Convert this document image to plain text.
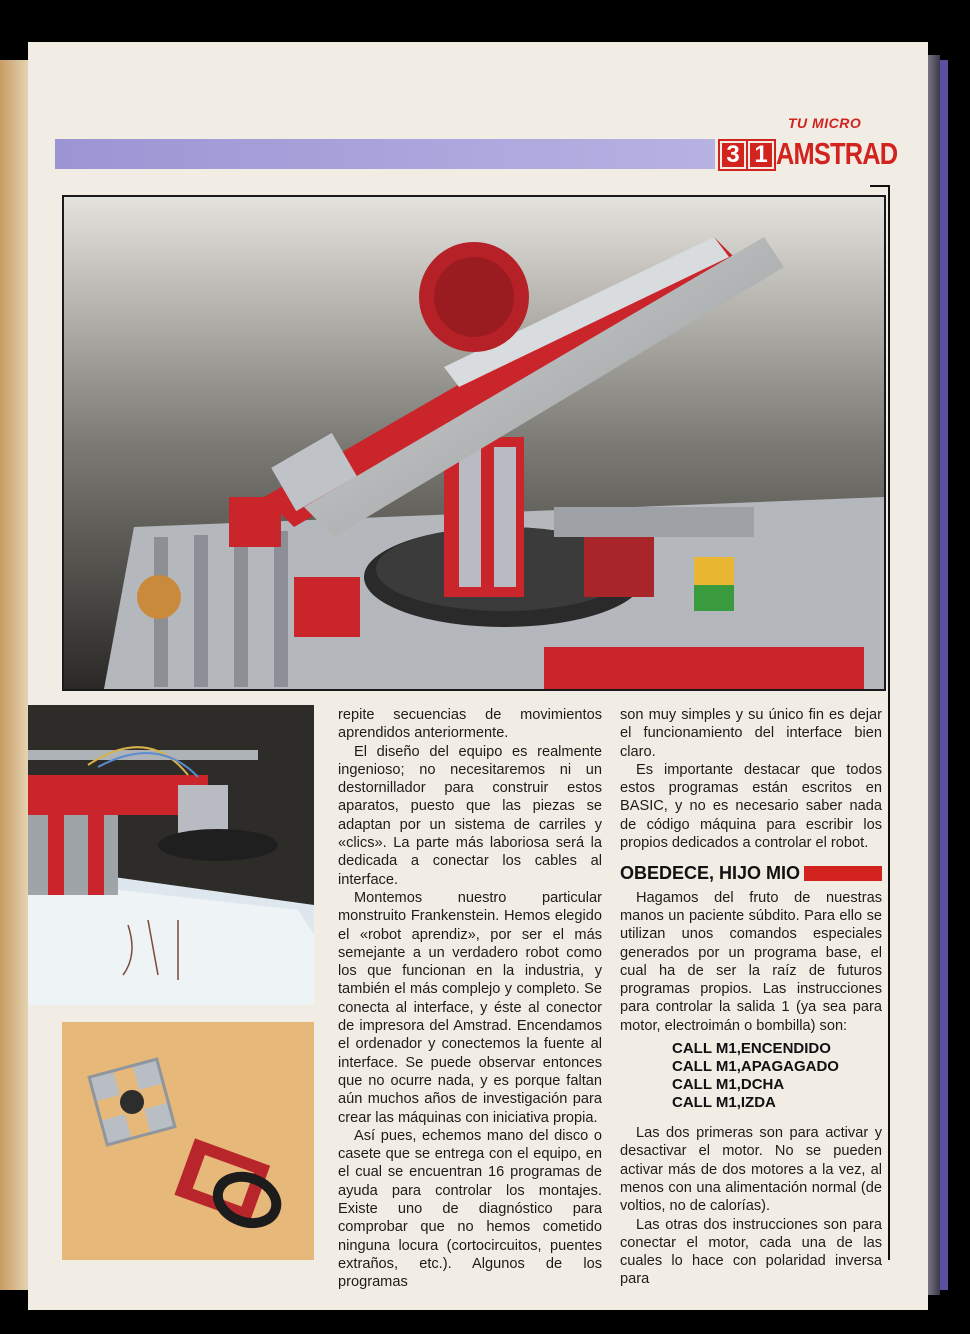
TU MICRO
3 1 AMSTRAD

repite secuencias de movimientos aprendidos anteriormente.

El diseño del equipo es realmente ingenioso; no necesitaremos ni un destornillador para construir estos aparatos, puesto que las piezas se adaptan por un sistema de carriles y «clics». La parte más laboriosa será la dedicada a conectar los cables al interface.

Montemos nuestro particular monstruito Frankenstein. Hemos elegido el «robot aprendiz», por ser el más semejante a un verdadero robot como los que funcionan en la industria, y también el más complejo y completo. Se conecta al interface, y éste al conector de impresora del Amstrad. Encendamos el ordenador y conectemos la fuente al interface. Se puede observar entonces que no ocurre nada, y es porque faltan aún muchos años de investigación para crear las máquinas con iniciativa propia.

Así pues, echemos mano del disco o casete que se entrega con el equipo, en el cual se encuentran 16 programas de ayuda para controlar los montajes. Existe uno de diagnóstico para comprobar que no hemos cometido ninguna locura (cortocircuitos, puentes extraños, etc.). Algunos de los programas

son muy simples y su único fin es dejar el funcionamiento del interface bien claro.

Es importante destacar que todos estos programas están escritos en BASIC, y no es necesario saber nada de código máquina para escribir los propios dedicados a controlar el robot.

OBEDECE, HIJO MIO

Hagamos del fruto de nuestras manos un paciente súbdito. Para ello se utilizan unos comandos especiales generados por un programa base, el cual ha de ser la raíz de futuros programas propios. Las instrucciones para controlar la salida 1 (ya sea para motor, electroimán o bombilla) son:

CALL M1,ENCENDIDO
CALL M1,APAGAGADO
CALL M1,DCHA
CALL M1,IZDA

Las dos primeras son para activar y desactivar el motor. No se pueden activar más de dos motores a la vez, al menos con una alimentación normal (de voltios, no de calorías).

Las otras dos instrucciones son para conectar el motor, cada una de las cuales lo hace con polaridad inversa para
